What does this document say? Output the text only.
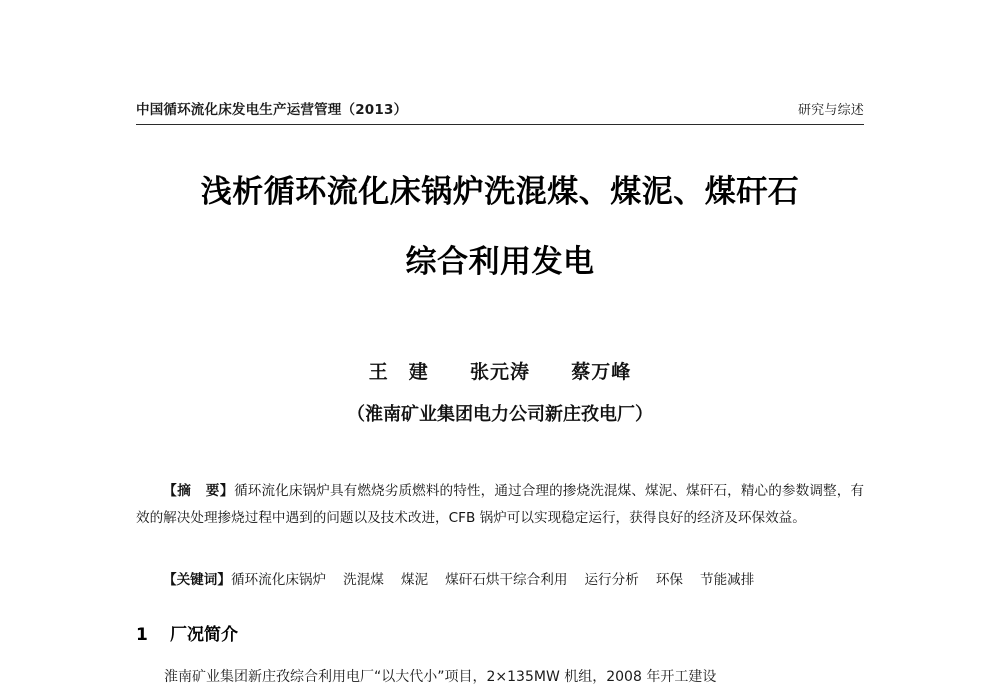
中国循环流化床发电生产运营管理（2013）	研究与综述
浅析循环流化床锅炉洗混煤、煤泥、煤矸石
综合利用发电
王　建 张元涛 蔡万峰
（淮南矿业集团电力公司新庄孜电厂）
【摘　要】循环流化床锅炉具有燃烧劣质燃料的特性，通过合理的掺烧洗混煤、煤泥、煤矸石，精心的参数调整，有效的解决处理掺烧过程中遇到的问题以及技术改进，CFB 锅炉可以实现稳定运行，获得良好的经济及环保效益。
【关键词】循环流化床锅炉 洗混煤 煤泥 煤矸石烘干综合利用 运行分析 环保 节能减排
1 厂况简介
淮南矿业集团新庄孜综合利用电厂“以大代小”项目，2×135MW 机组，2008 年开工建设
